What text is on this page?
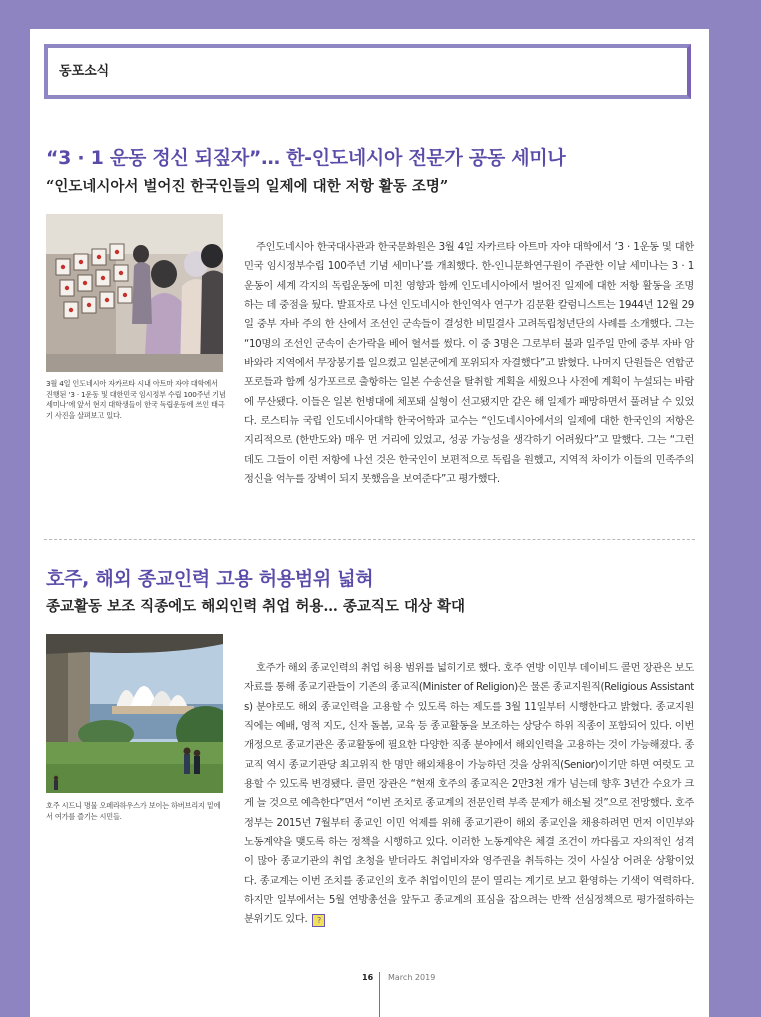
동포소식
“3 · 1 운동 정신 되짚자”… 한-인도네시아 전문가 공동 세미나
“인도네시아서 벌어진 한국인들의 일제에 대한 저항 활동 조명”

3월 4일 인도네시아 자카르타 시내 아트마 자야 대학에서 진행된 ‘3 · 1운동 및 대한민국 임시정부 수립 100주년 기념 세미나’에 앞서 현지 대학생들이 한국 독립운동에 쓰인 태극기 사진을 살펴보고 있다.

주인도네시아 한국대사관과 한국문화원은 3월 4일 자카르타 아트마 자야 대학에서 ‘3 · 1운동 및 대한민국 임시정부수립 100주년 기념 세미나’를 개최했다. 한-인니문화연구원이 주관한 이날 세미나는 3 · 1 운동이 세계 각지의 독립운동에 미친 영향과 함께 인도네시아에서 벌어진 일제에 대한 저항 활동을 조명하는 데 중점을 뒀다. 발표자로 나선 인도네시아 한인역사 연구가 김문환 칼럼니스트는 1944년 12월 29일 중부 자바 주의 한 산에서 조선인 군속들이 결성한 비밀결사 고려독립청년단의 사례를 소개했다. 그는 “10명의 조선인 군속이 손가락을 베어 혈서를 썼다. 이 중 3명은 그로부터 불과 일주일 만에 중부 자바 암바와라 지역에서 무장봉기를 일으켰고 일본군에게 포위되자 자결했다”고 밝혔다. 나머지 단원들은 연합군 포로들과 함께 싱가포르로 출항하는 일본 수송선을 탈취할 계획을 세웠으나 사전에 계획이 누설되는 바람에 무산됐다. 이들은 일본 헌병대에 체포돼 실형이 선고됐지만 같은 해 일제가 패망하면서 풀려날 수 있었다. 로스티뉴 국립 인도네시아대학 한국어학과 교수는 “인도네시아에서의 일제에 대한 한국인의 저항은 지리적으로 (한반도와) 매우 먼 거리에 있었고, 성공 가능성을 생각하기 어려웠다”고 말했다. 그는 “그런데도 그들이 이런 저항에 나선 것은 한국인이 보편적으로 독립을 원했고, 지역적 차이가 이들의 민족주의 정신을 억누를 장벽이 되지 못했음을 보여준다”고 평가했다.

호주, 해외 종교인력 고용 허용범위 넓혀
종교활동 보조 직종에도 해외인력 취업 허용… 종교직도 대상 확대

호주 시드니 명물 오페라하우스가 보이는 하버브리지 밑에서 여가를 즐기는 시민들.

호주가 해외 종교인력의 취업 허용 범위를 넓히기로 했다. 호주 연방 이민부 데이비드 콜먼 장관은 보도자료를 통해 종교기관들이 기존의 종교직(Minister of Religion)은 물론 종교지원직(Religious Assistants) 분야로도 해외 종교인력을 고용할 수 있도록 하는 제도를 3월 11일부터 시행한다고 밝혔다. 종교지원직에는 예배, 영적 지도, 신자 돌봄, 교육 등 종교활동을 보조하는 상당수 하위 직종이 포함되어 있다. 이번 개정으로 종교기관은 종교활동에 필요한 다양한 직종 분야에서 해외인력을 고용하는 것이 가능해졌다. 종교직 역시 종교기관당 최고위직 한 명만 해외채용이 가능하던 것을 상위직(Senior)이기만 하면 여럿도 고용할 수 있도록 변경됐다. 콜먼 장관은 “현재 호주의 종교직은 2만3천 개가 넘는데 향후 3년간 수요가 크게 늘 것으로 예측한다”면서 “이번 조치로 종교계의 전문인력 부족 문제가 해소될 것”으로 전망했다. 호주 정부는 2015년 7월부터 종교인 이민 억제를 위해 종교기관이 해외 종교인을 채용하려면 먼저 이민부와 노동계약을 맺도록 하는 정책을 시행하고 있다. 이러한 노동계약은 체결 조건이 까다롭고 자의적인 성격이 많아 종교기관의 취업 초청을 받더라도 취업비자와 영주권을 취득하는 것이 사실상 어려운 상황이었다. 종교계는 이번 조치를 종교인의 호주 취업이민의 문이 열리는 계기로 보고 환영하는 기색이 역력하다. 하지만 일부에서는 5월 연방총선을 앞두고 종교계의 표심을 잡으려는 반짝 선심정책으로 평가절하하는 분위기도 있다. ?

16 March 2019
